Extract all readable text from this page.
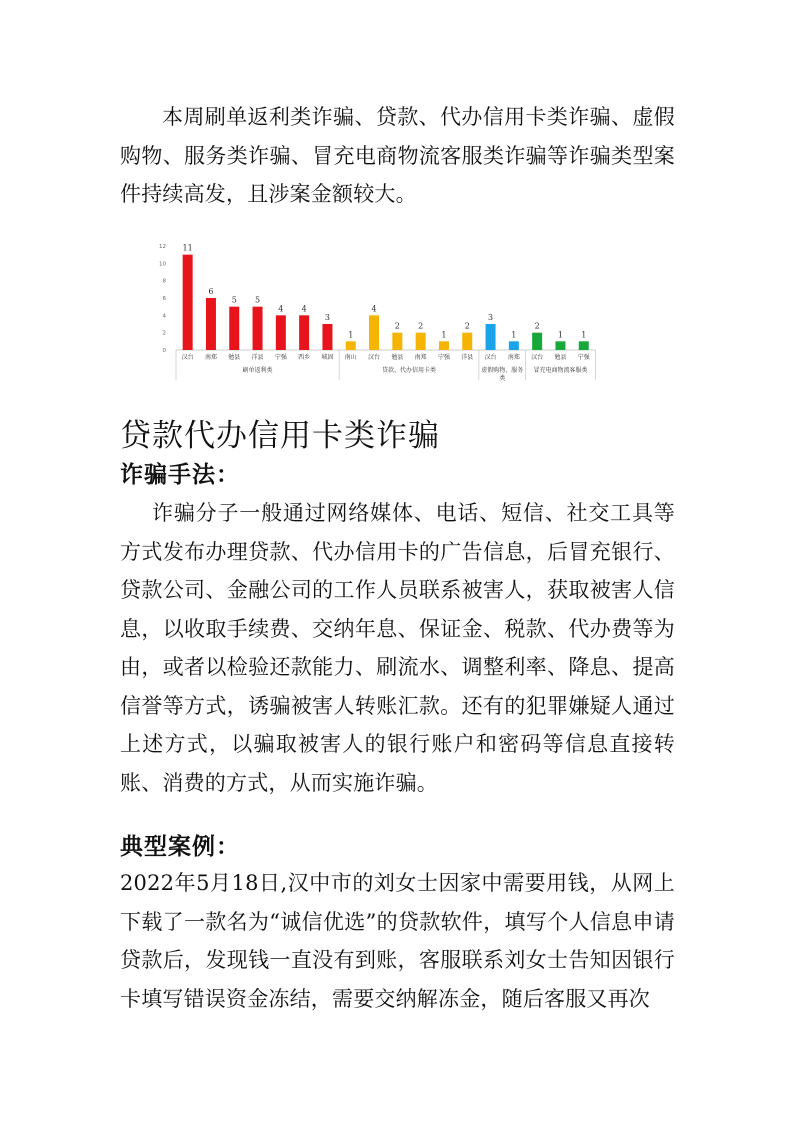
本周刷单返利类诈骗、贷款、代办信用卡类诈骗、虚假购物、服务类诈骗、冒充电商物流客服类诈骗等诈骗类型案件持续高发，且涉案金额较大。

0
2
4
6
8
10
12 11
汉台
6
南郑
5
勉县
5
洋县
4
宁强
4
西乡
3
城固
刷单返利类
1
南山
4
汉台
2
勉县
2
南郑
1
宁强
2
洋县
贷款、代办信用卡类
3
汉台
1
南郑
虚假购物、服务
类
2
汉台
1
勉县
1
宁强
冒充电商物流客服类
贷款代办信用卡类诈骗
诈骗手法：

诈骗分子一般通过网络媒体、电话、短信、社交工具等方式发布办理贷款、代办信用卡的广告信息，后冒充银行、贷款公司、金融公司的工作人员联系被害人，获取被害人信息，以收取手续费、交纳年息、保证金、税款、代办费等为由，或者以检验还款能力、刷流水、调整利率、降息、提高信誉等方式，诱骗被害人转账汇款。还有的犯罪嫌疑人通过上述方式，以骗取被害人的银行账户和密码等信息直接转账、消费的方式，从而实施诈骗。

典型案例：

2022年5月18日,汉中市的刘女士因家中需要用钱，从网上下载了一款名为“诚信优选”的贷款软件，填写个人信息申请贷款后，发现钱一直没有到账，客服联系刘女士告知因银行卡填写错误资金冻结，需要交纳解冻金，随后客服又再次
